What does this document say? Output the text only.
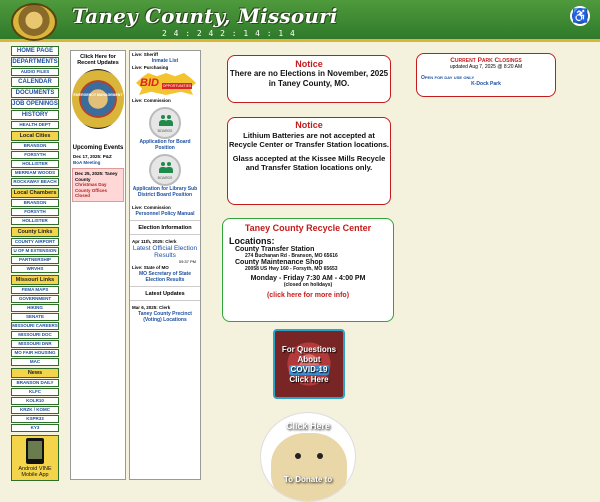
Taney County, Missouri
2 4 : 2 4 2 : 1 4 : 1 4
♿
HOME PAGE
DEPARTMENTS
AUDIO FILES
CALENDAR
DOCUMENTS
JOB OPENINGS
HISTORY
HEALTH DEPT
Local Cities
BRANSON
FORSYTH
HOLLISTER
MERRIAM WOODS
ROCKAWAY BEACH
Local Chambers
BRANSON
FORSYTH
HOLLISTER
County Links
COUNTY AIRPORT
U OF M EXTENSION
PARTNERSHIP
WRVHS
Missouri Links
FEMA MAPS
GOVERNMENT
HIKING
SENATE
MISSOURI CAREERS
MISSOURI DOC
MISSOURI DNR
MO FAIR HOUSING
MAC
News
BRANSON DAILY
KLFC
KOLR10
KRZK / KOMC
KSPR33
KY3
Android VINE Mobile App
Click Here for Recent Updates
EMERGENCY MANAGEMENT
Upcoming Events
Dec 17, 2025: P&Z
BoA Meeting
Dec 25, 2025: Taney County
Christmas Day County Offices Closed
Live: Sheriff
Inmate List
Live: Purchasing
BID OPPORTUNITIES
Live: Commission
BOARDS
Application for Board Position
BOARDS
Application for Library Sub District Board Position
Live: Commission
Personnel Policy Manual
Election Information
Apr 11th, 2025: Clerk
Latest Official Election Results
09:37 PM
Live: State of MO
MO Secretary of State Election Results
Latest Updates
Mar 6, 2025: Clerk
Taney County Precinct (Voting) Locations
Notice
There are no Elections in November, 2025 in Taney County, MO.
Notice

Lithium Batteries are not accepted at Recycle Center or Transfer Station locations.

Glass accepted at the Kissee Mills Recycle and Transfer Station locations only.

Taney County Recycle Center
Locations:
County Transfer Station
274 Buchanan Rd - Branson, MO 65616
County Maintenance Shop
20058 US Hwy 160 - Forsyth, MO 65653
Monday - Friday 7:30 AM - 4:00 PM
(closed on holidays)
(click here for more info)
For Questions
About
COVID-19
Click Here
Click Here
To Donate to
Current Park Closings
updated Aug 7, 2025 @ 8:20 AM
Open for day use only
K-Dock Park
